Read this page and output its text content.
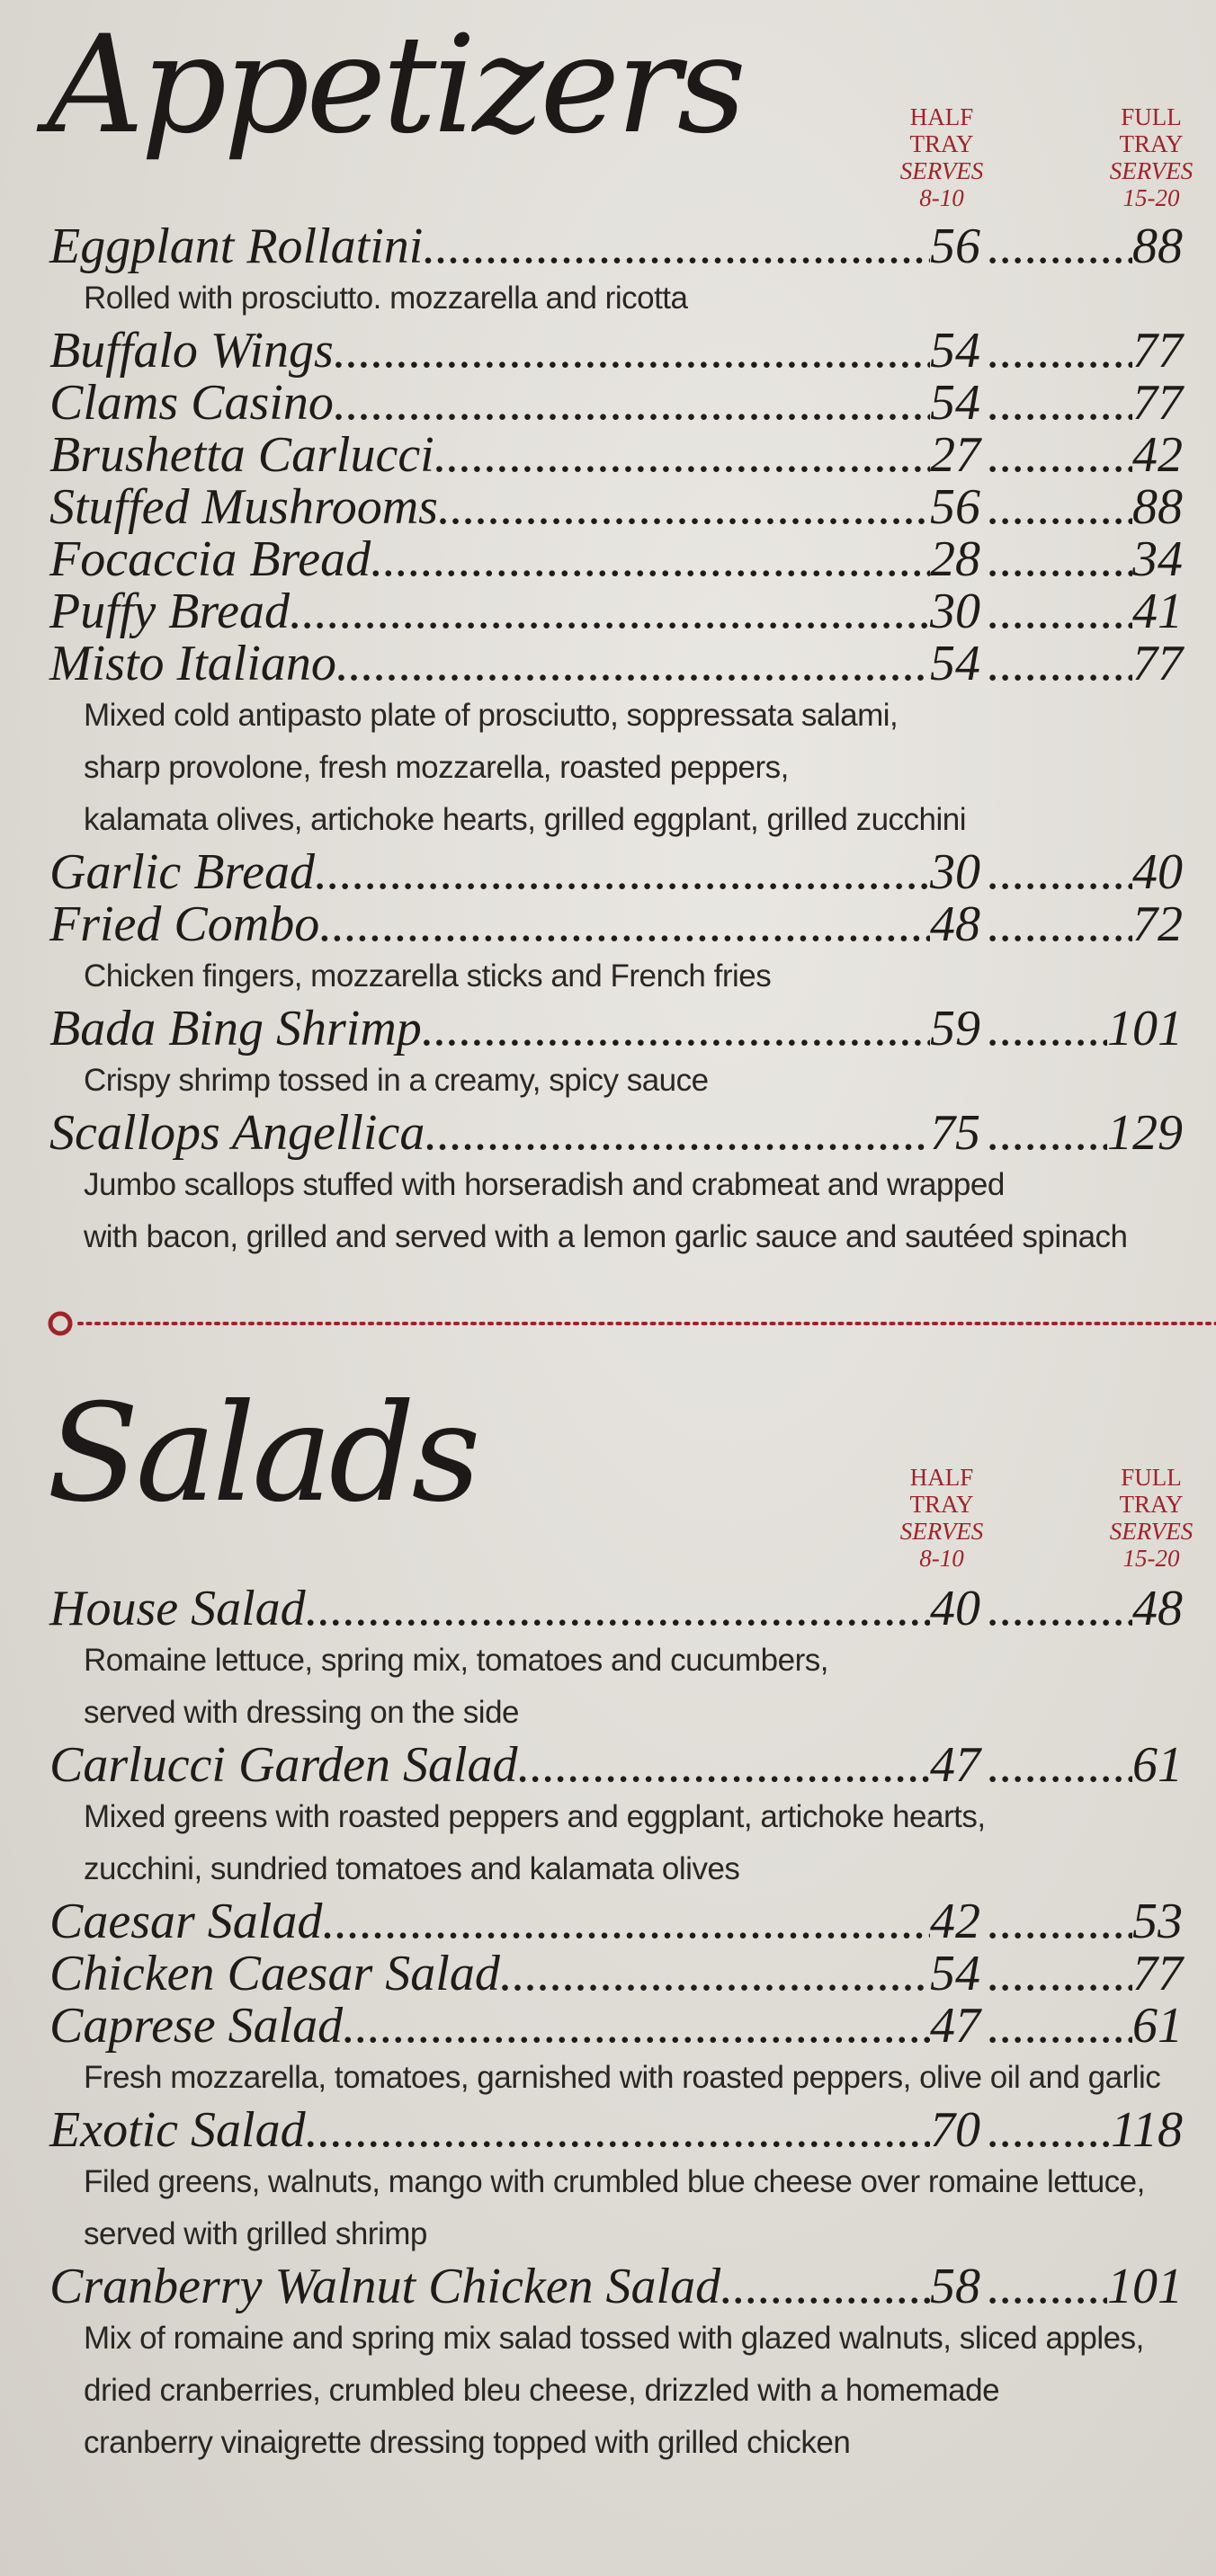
Appetizers	HALF
TRAY
SERVES
8-10
FULL
TRAY
SERVES
15-20
Eggplant Rollatini .....	56 .....	88
Rolled with prosciutto. mozzarella and ricotta
Buffalo Wings .....	54 .....	77
Clams Casino .....	54 .....	77
Brushetta Carlucci .....	27 .....	42
Stuffed Mushrooms .....	56 .....	88
Focaccia Bread .....	28 .....	34
Puffy Bread .....	30 .....	41
Misto Italiano .....	54 .....	77
Mixed cold antipasto plate of prosciutto, soppressata salami,
sharp provolone, fresh mozzarella, roasted peppers,
kalamata olives, artichoke hearts, grilled eggplant, grilled zucchini
Garlic Bread .....	30 .....	40
Fried Combo .....	48 .....	72
Chicken fingers, mozzarella sticks and French fries
Bada Bing Shrimp .....	59 .....	101
Crispy shrimp tossed in a creamy, spicy sauce
Scallops Angellica .....	75 .....	129
Jumbo scallops stuffed with horseradish and crabmeat and wrapped
with bacon, grilled and served with a lemon garlic sauce and sautéed spinach
Salads	HALF
TRAY
SERVES
8-10
FULL
TRAY
SERVES
15-20
House Salad .....	40 .....	48
Romaine lettuce, spring mix, tomatoes and cucumbers,
served with dressing on the side
Carlucci Garden Salad .....	47 .....	61
Mixed greens with roasted peppers and eggplant, artichoke hearts,
zucchini, sundried tomatoes and kalamata olives
Caesar Salad .....	42 .....	53
Chicken Caesar Salad .....	54 .....	77
Caprese Salad .....	47 .....	61
Fresh mozzarella, tomatoes, garnished with roasted peppers, olive oil and garlic
Exotic Salad .....	70 .....	118
Filed greens, walnuts, mango with crumbled blue cheese over romaine lettuce,
served with grilled shrimp
Cranberry Walnut Chicken Salad .....	58 .....	101
Mix of romaine and spring mix salad tossed with glazed walnuts, sliced apples,
dried cranberries, crumbled bleu cheese, drizzled with a homemade
cranberry vinaigrette dressing topped with grilled chicken
